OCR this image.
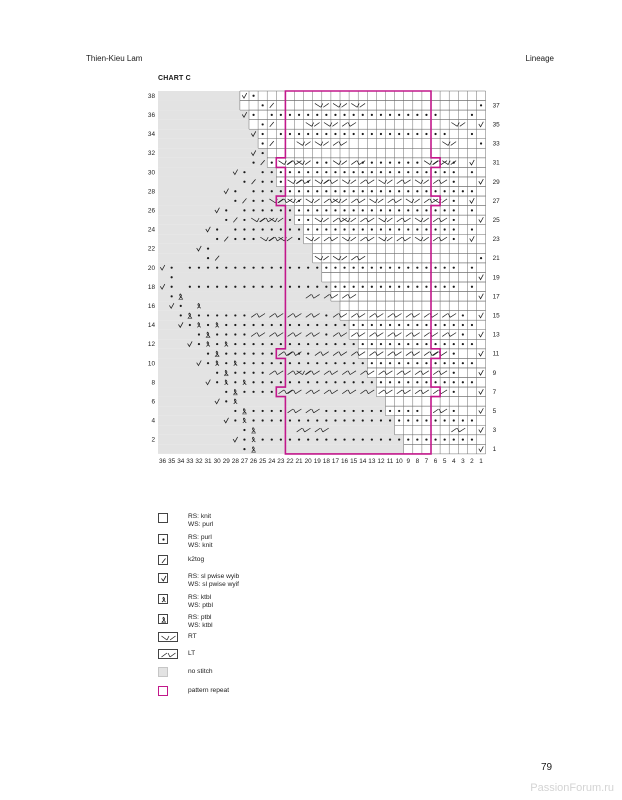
Thien-Kieu Lam	Lineage
CHART C
38
36
34
32
30
28
26
24
22
20
18
16
14
12
10
8
6
4
2
37
35
33
31
29
27
25
23
21
19
17
15
13
11
9
7
5
3
1
36 35 34 33 32 31 30 29 28 27 26 25 24 23 22 21 20 19 18 17 16 15 14 13 12 11 10 9 8 7 6 5 4 3 2 1
RS: knit
WS: purl
RS: purl
WS: knit
k2tog
RS: sl pwise wyib
WS: sl pwise wyif
RS: ktbl
WS: ptbl
RS: ptbl
WS: ktbl
RT
LT
no stitch
pattern repeat
79
PassionForum.ru
